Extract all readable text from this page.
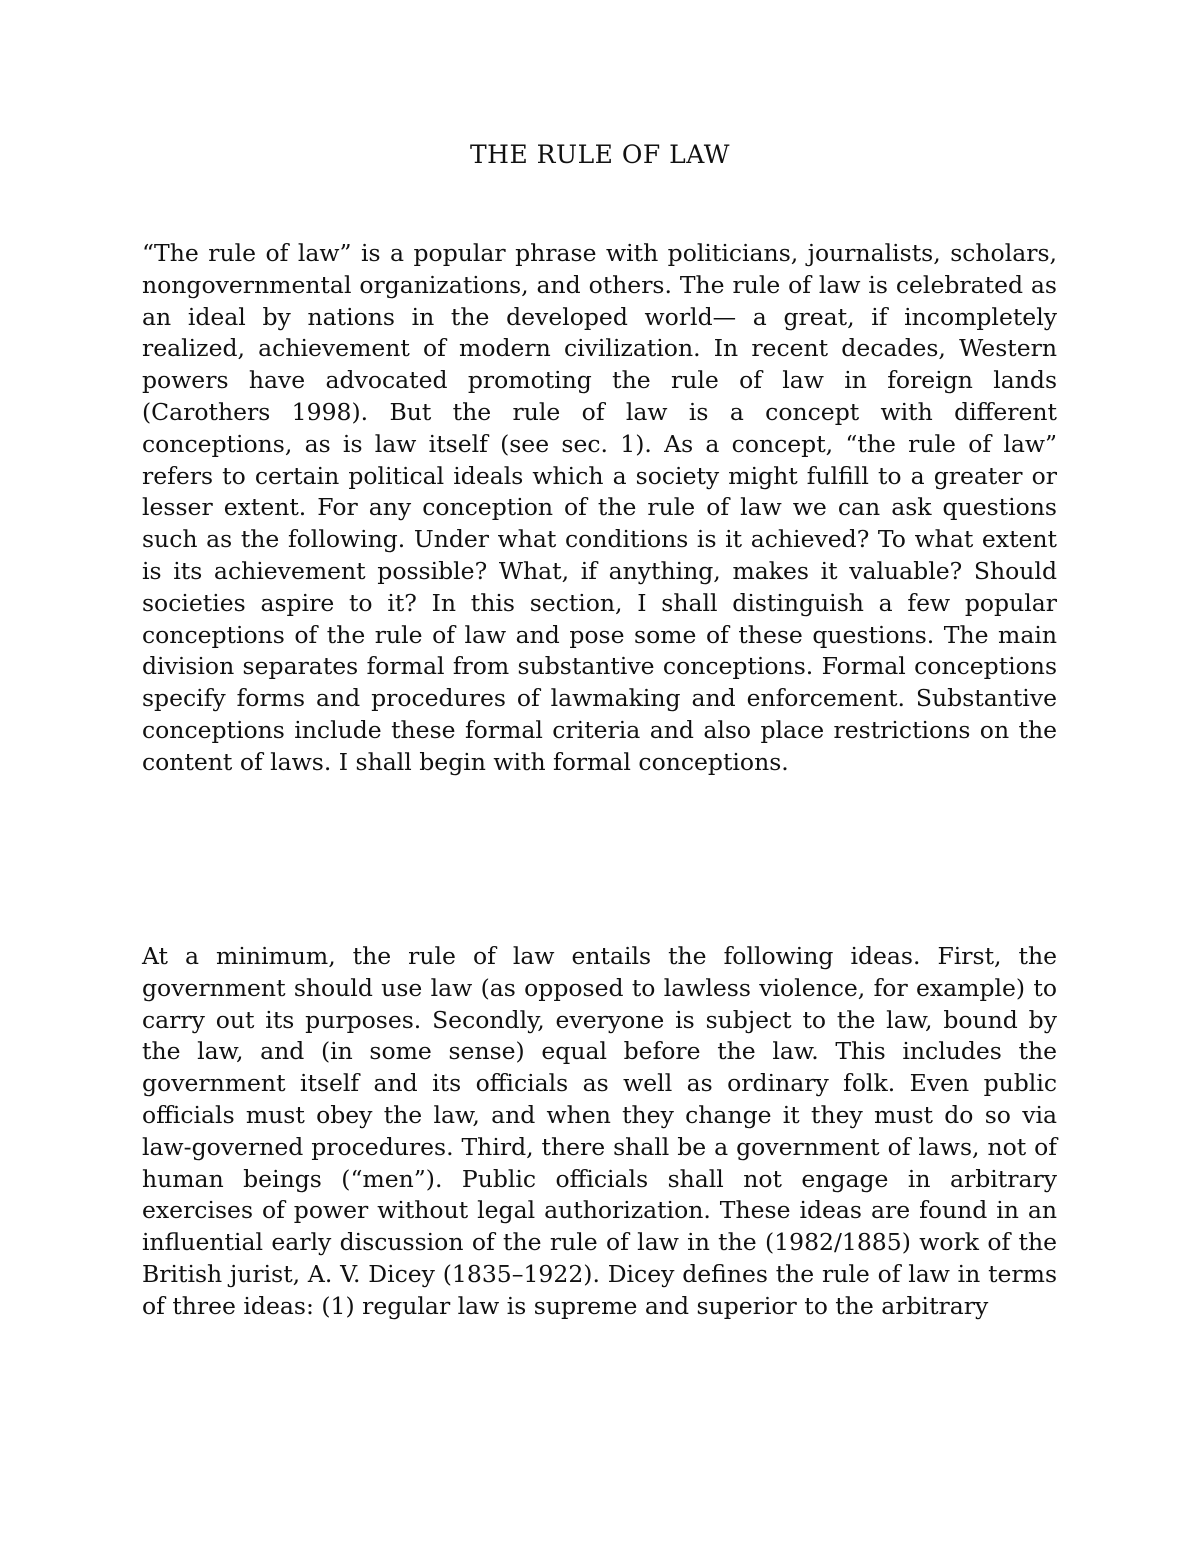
THE RULE OF LAW

“The rule of law” is a popular phrase with politicians, journalists, scholars, nongovernmental organizations, and others. The rule of law is celebrated as an ideal by nations in the developed world— a great, if incompletely realized, achievement of modern civilization. In recent decades, Western powers have advocated promoting the rule of law in foreign lands (Carothers 1998). But the rule of law is a concept with different conceptions, as is law itself (see sec. 1). As a concept, “the rule of law” refers to certain political ideals which a society might fulfill to a greater or lesser extent. For any conception of the rule of law we can ask questions such as the following. Under what conditions is it achieved? To what extent is its achievement possible? What, if anything, makes it valuable? Should societies aspire to it? In this section, I shall distinguish a few popular conceptions of the rule of law and pose some of these questions. The main division separates formal from substantive conceptions. Formal conceptions specify forms and procedures of lawmaking and enforcement. Substantive conceptions include these formal criteria and also place restrictions on the content of laws. I shall begin with formal conceptions.

At a minimum, the rule of law entails the following ideas. First, the government should use law (as opposed to lawless violence, for example) to carry out its purposes. Secondly, everyone is subject to the law, bound by the law, and (in some sense) equal before the law. This includes the government itself and its officials as well as ordinary folk. Even public officials must obey the law, and when they change it they must do so via law-governed procedures. Third, there shall be a government of laws, not of human beings (“men”). Public officials shall not engage in arbitrary exercises of power without legal authorization. These ideas are found in an influential early discussion of the rule of law in the (1982/1885) work of the British jurist, A. V. Dicey (1835–1922). Dicey defines the rule of law in terms of three ideas: (1) regular law is supreme and superior to the arbitrary
